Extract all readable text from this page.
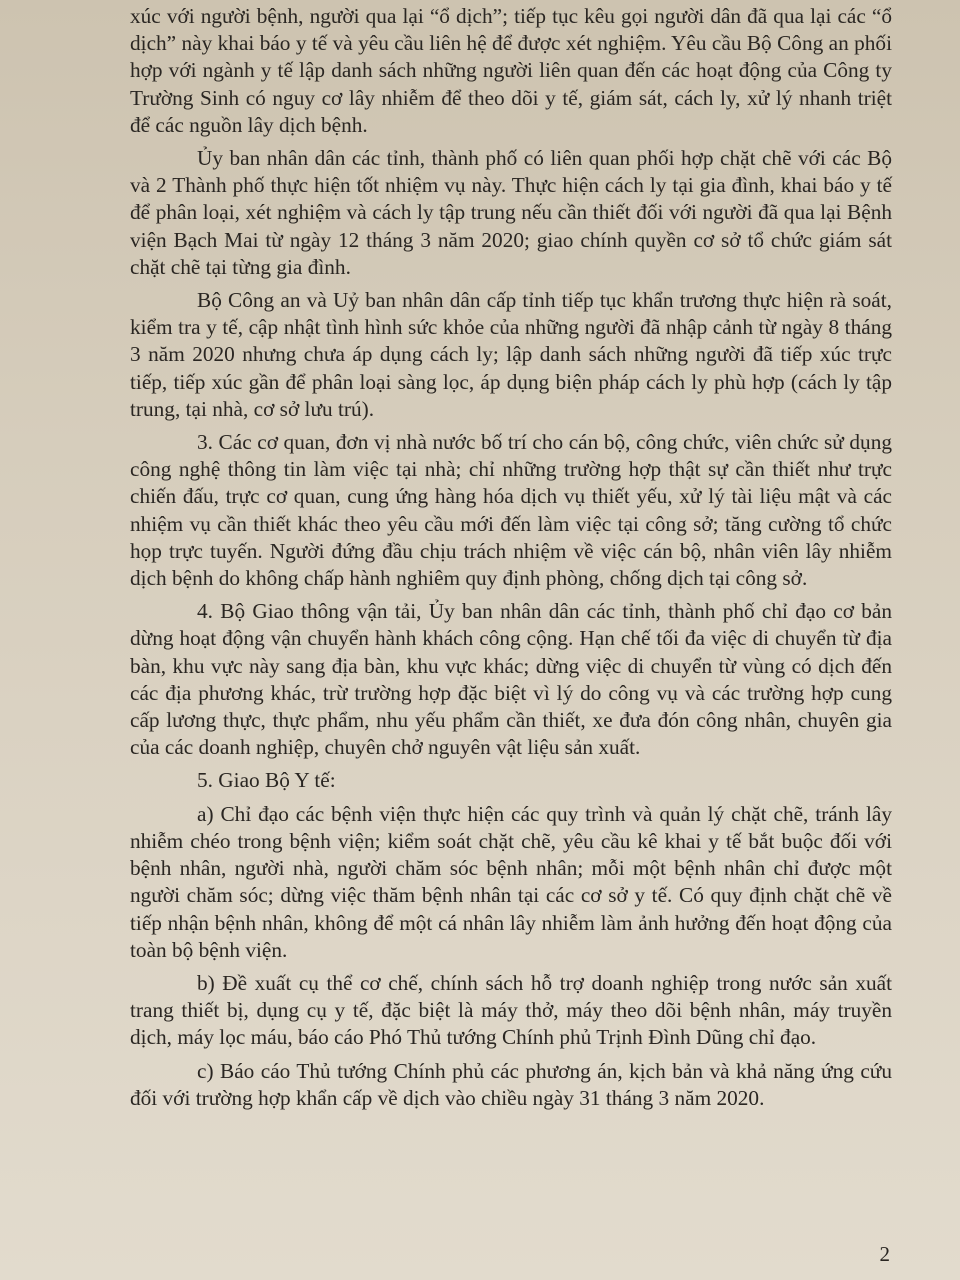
xúc với người bệnh, người qua lại “ổ dịch”; tiếp tục kêu gọi người dân đã qua lại các “ổ dịch” này khai báo y tế và yêu cầu liên hệ để được xét nghiệm. Yêu cầu Bộ Công an phối hợp với ngành y tế lập danh sách những người liên quan đến các hoạt động của Công ty Trường Sinh có nguy cơ lây nhiễm để theo dõi y tế, giám sát, cách ly, xử lý nhanh triệt để các nguồn lây dịch bệnh.

Ủy ban nhân dân các tỉnh, thành phố có liên quan phối hợp chặt chẽ với các Bộ và 2 Thành phố thực hiện tốt nhiệm vụ này. Thực hiện cách ly tại gia đình, khai báo y tế để phân loại, xét nghiệm và cách ly tập trung nếu cần thiết đối với người đã qua lại Bệnh viện Bạch Mai từ ngày 12 tháng 3 năm 2020; giao chính quyền cơ sở tổ chức giám sát chặt chẽ tại từng gia đình.

Bộ Công an và Uỷ ban nhân dân cấp tỉnh tiếp tục khẩn trương thực hiện rà soát, kiểm tra y tế, cập nhật tình hình sức khỏe của những người đã nhập cảnh từ ngày 8 tháng 3 năm 2020 nhưng chưa áp dụng cách ly; lập danh sách những người đã tiếp xúc trực tiếp, tiếp xúc gần để phân loại sàng lọc, áp dụng biện pháp cách ly phù hợp (cách ly tập trung, tại nhà, cơ sở lưu trú).

3. Các cơ quan, đơn vị nhà nước bố trí cho cán bộ, công chức, viên chức sử dụng công nghệ thông tin làm việc tại nhà; chỉ những trường hợp thật sự cần thiết như trực chiến đấu, trực cơ quan, cung ứng hàng hóa dịch vụ thiết yếu, xử lý tài liệu mật và các nhiệm vụ cần thiết khác theo yêu cầu mới đến làm việc tại công sở; tăng cường tổ chức họp trực tuyến. Người đứng đầu chịu trách nhiệm về việc cán bộ, nhân viên lây nhiễm dịch bệnh do không chấp hành nghiêm quy định phòng, chống dịch tại công sở.

4. Bộ Giao thông vận tải, Ủy ban nhân dân các tỉnh, thành phố chỉ đạo cơ bản dừng hoạt động vận chuyển hành khách công cộng. Hạn chế tối đa việc di chuyển từ địa bàn, khu vực này sang địa bàn, khu vực khác; dừng việc di chuyển từ vùng có dịch đến các địa phương khác, trừ trường hợp đặc biệt vì lý do công vụ và các trường hợp cung cấp lương thực, thực phẩm, nhu yếu phẩm cần thiết, xe đưa đón công nhân, chuyên gia của các doanh nghiệp, chuyên chở nguyên vật liệu sản xuất.

5. Giao Bộ Y tế:

a) Chỉ đạo các bệnh viện thực hiện các quy trình và quản lý chặt chẽ, tránh lây nhiễm chéo trong bệnh viện; kiểm soát chặt chẽ, yêu cầu kê khai y tế bắt buộc đối với bệnh nhân, người nhà, người chăm sóc bệnh nhân; mỗi một bệnh nhân chỉ được một người chăm sóc; dừng việc thăm bệnh nhân tại các cơ sở y tế. Có quy định chặt chẽ về tiếp nhận bệnh nhân, không để một cá nhân lây nhiễm làm ảnh hưởng đến hoạt động của toàn bộ bệnh viện.

b) Đề xuất cụ thể cơ chế, chính sách hỗ trợ doanh nghiệp trong nước sản xuất trang thiết bị, dụng cụ y tế, đặc biệt là máy thở, máy theo dõi bệnh nhân, máy truyền dịch, máy lọc máu, báo cáo Phó Thủ tướng Chính phủ Trịnh Đình Dũng chỉ đạo.

c) Báo cáo Thủ tướng Chính phủ các phương án, kịch bản và khả năng ứng cứu đối với trường hợp khẩn cấp về dịch vào chiều ngày 31 tháng 3 năm 2020.

2
